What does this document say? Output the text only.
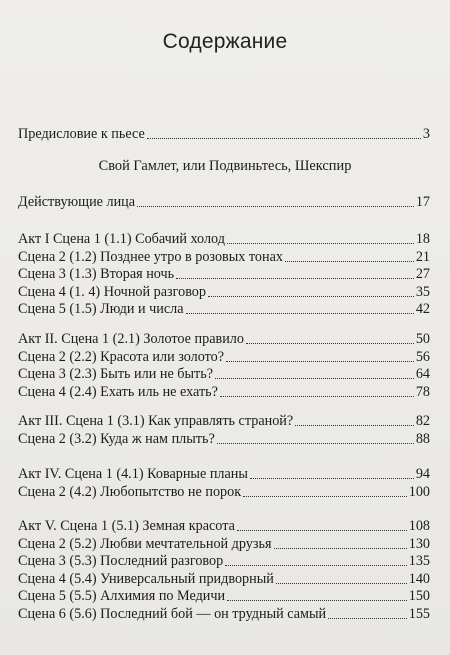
Содержание
Предисловие к пьесе	3
Свой Гамлет, или Подвиньтесь, Шекспир
Действующие лица	17
Акт I Сцена 1 (1.1) Собачий холод	18
Сцена 2 (1.2) Позднее утро в розовых тонах	21
Сцена 3 (1.3) Вторая ночь	27
Сцена 4 (1. 4) Ночной разговор	35
Сцена 5 (1.5) Люди и числа	42
Акт II. Сцена 1 (2.1) Золотое правило	50
Сцена 2 (2.2) Красота или золото?	56
Сцена 3 (2.3) Быть или не быть?	64
Сцена 4 (2.4) Ехать иль не ехать?	78
Акт III. Сцена 1 (3.1) Как управлять страной?	82
Сцена 2 (3.2) Куда ж нам плыть?	88
Акт IV. Сцена 1 (4.1) Коварные планы	94
Сцена 2 (4.2) Любопытство не порок	100
Акт V. Сцена 1 (5.1) Земная красота	108
Сцена 2 (5.2) Любви мечтательной друзья	130
Сцена 3 (5.3) Последний разговор	135
Сцена 4 (5.4) Универсальный придворный	140
Сцена 5 (5.5) Алхимия по Медичи	150
Сцена 6 (5.6) Последний бой — он трудный самый	155
